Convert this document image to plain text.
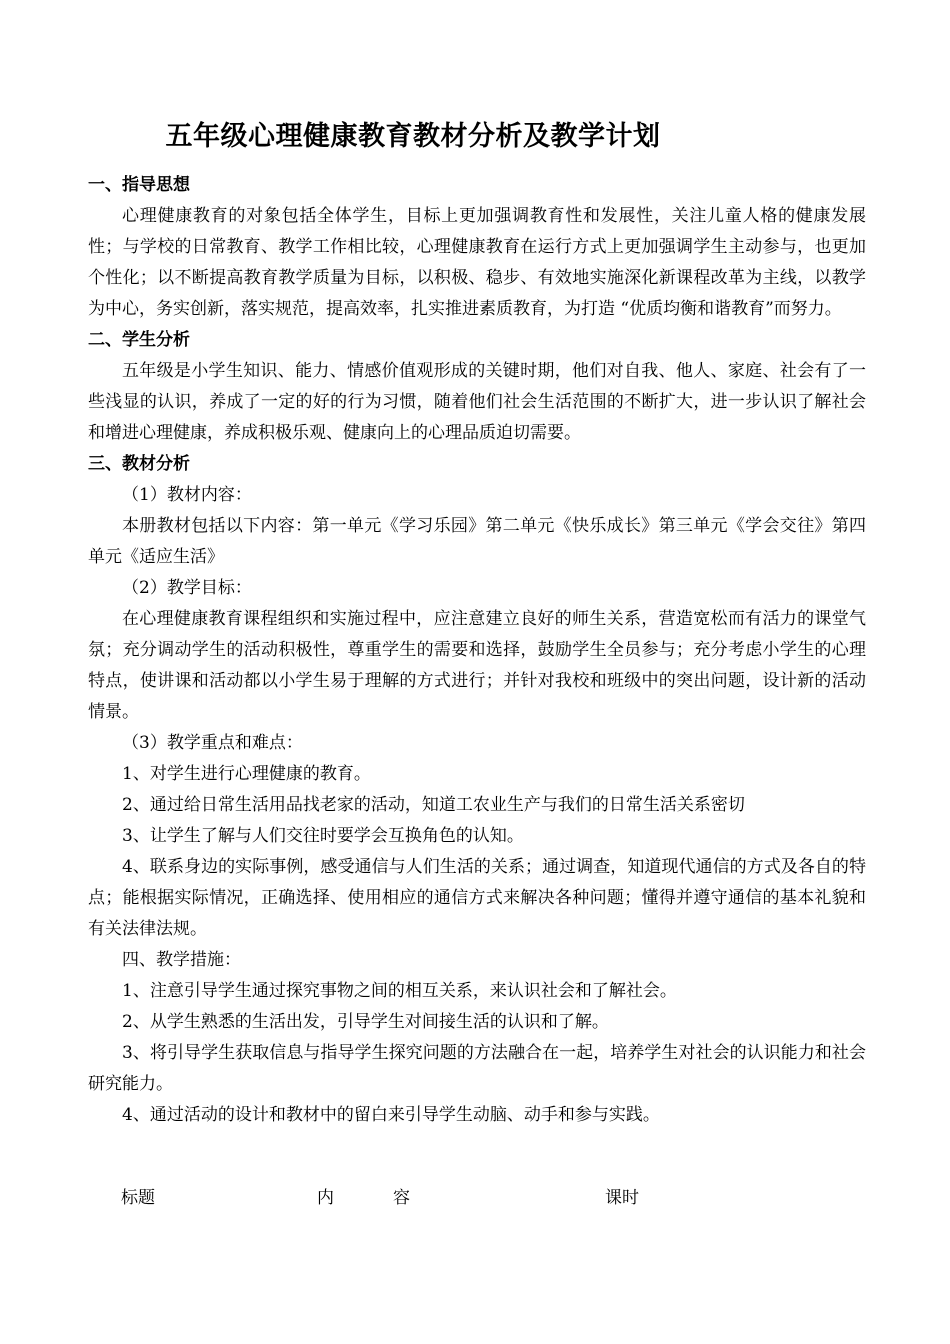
五年级心理健康教育教材分析及教学计划

一、指导思想

心理健康教育的对象包括全体学生，目标上更加强调教育性和发展性，关注儿童人格的健康发展性；与学校的日常教育、教学工作相比较，心理健康教育在运行方式上更加强调学生主动参与，也更加个性化；以不断提高教育教学质量为目标，以积极、稳步、有效地实施深化新课程改革为主线，以教学为中心，务实创新，落实规范，提高效率，扎实推进素质教育，为打造 “优质均衡和谐教育”而努力。

二、学生分析

五年级是小学生知识、能力、情感价值观形成的关键时期，他们对自我、他人、家庭、社会有了一些浅显的认识，养成了一定的好的行为习惯，随着他们社会生活范围的不断扩大，进一步认识了解社会和增进心理健康，养成积极乐观、健康向上的心理品质迫切需要。

三、教材分析

（1）教材内容：

本册教材包括以下内容：第一单元《学习乐园》第二单元《快乐成长》第三单元《学会交往》第四单元《适应生活》

（2）教学目标：

在心理健康教育课程组织和实施过程中，应注意建立良好的师生关系，营造宽松而有活力的课堂气氛；充分调动学生的活动积极性，尊重学生的需要和选择，鼓励学生全员参与；充分考虑小学生的心理特点，使讲课和活动都以小学生易于理解的方式进行；并针对我校和班级中的突出问题，设计新的活动情景。

（3）教学重点和难点：

1、对学生进行心理健康的教育。

2、通过给日常生活用品找老家的活动，知道工农业生产与我们的日常生活关系密切

3、让学生了解与人们交往时要学会互换角色的认知。

4、联系身边的实际事例，感受通信与人们生活的关系；通过调查，知道现代通信的方式及各自的特点；能根据实际情况，正确选择、使用相应的通信方式来解决各种问题；懂得并遵守通信的基本礼貌和有关法律法规。

四、教学措施：

1、注意引导学生通过探究事物之间的相互关系，来认识社会和了解社会。

2、从学生熟悉的生活出发，引导学生对间接生活的认识和了解。

3、将引导学生获取信息与指导学生探究问题的方法融合在一起，培养学生对社会的认识能力和社会研究能力。

4、通过活动的设计和教材中的留白来引导学生动脑、动手和参与实践。

标题	内	容	课时
